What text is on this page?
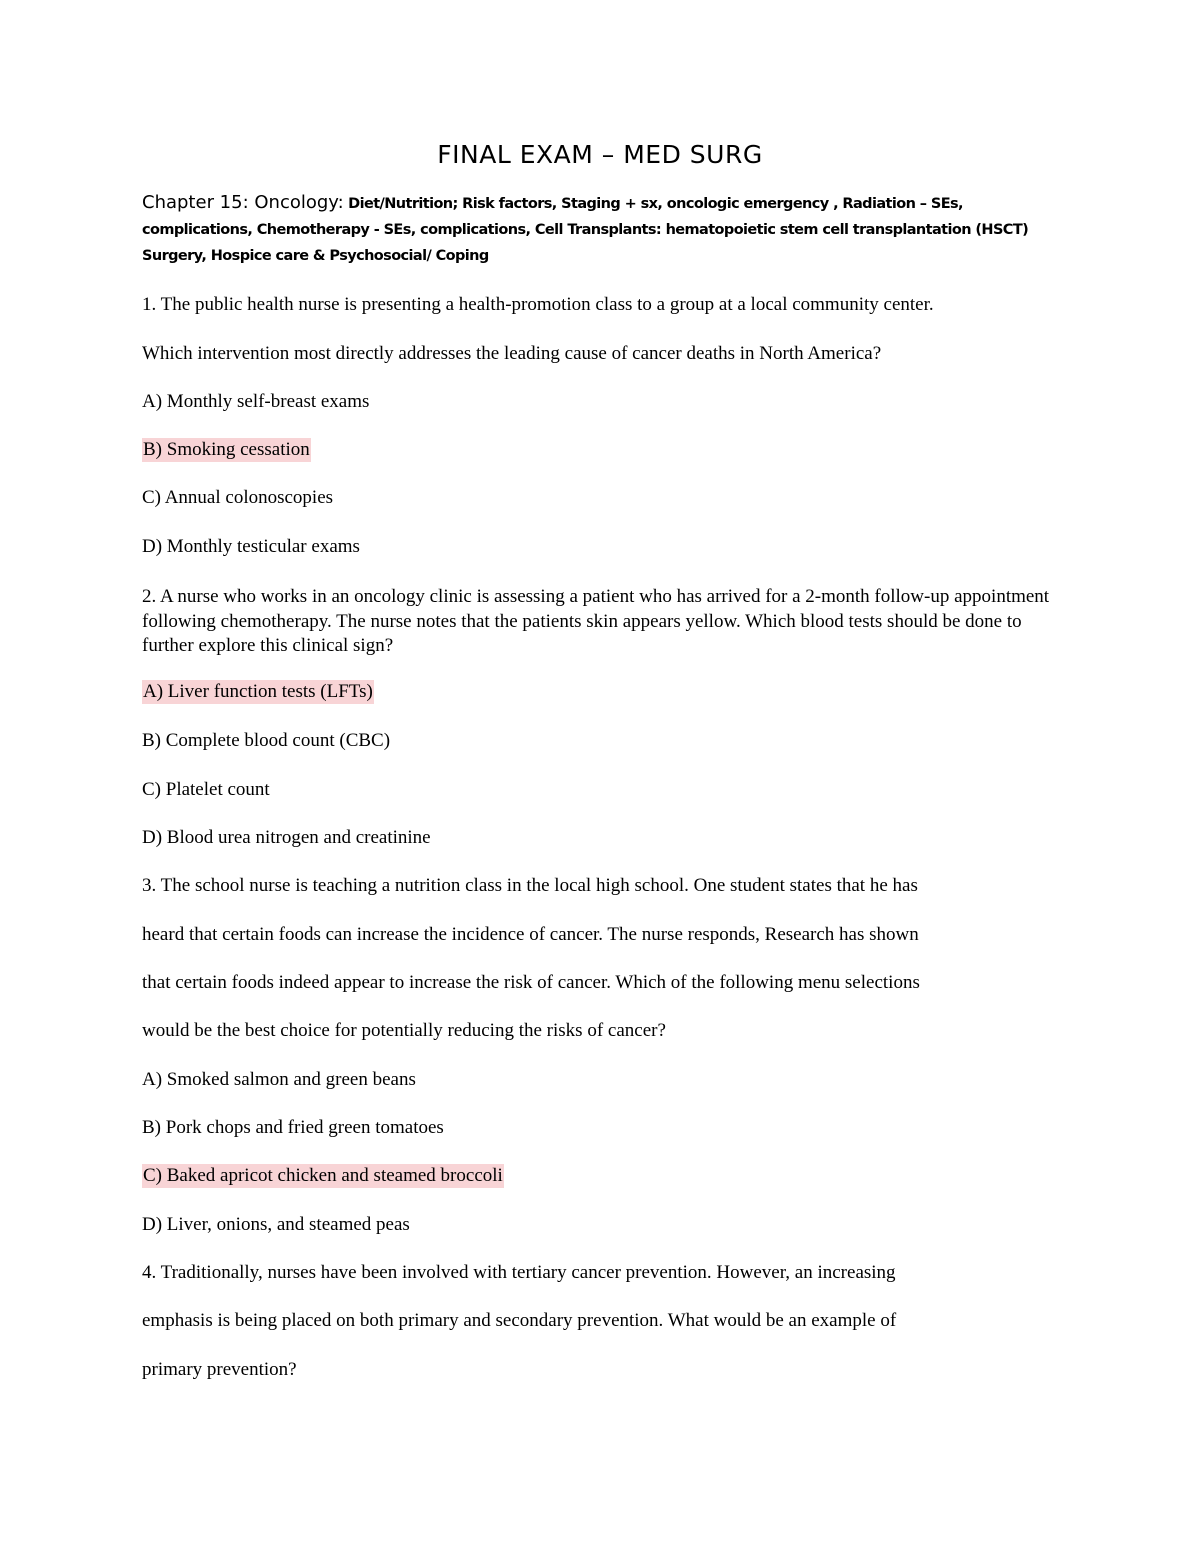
FINAL EXAM – MED SURG
Chapter 15: Oncology: Diet/Nutrition; Risk factors, Staging + sx, oncologic emergency , Radiation – SEs, complications, Chemotherapy - SEs, complications, Cell Transplants: hematopoietic stem cell transplantation (HSCT) Surgery, Hospice care & Psychosocial/ Coping
1. The public health nurse is presenting a health-promotion class to a group at a local community center.
Which intervention most directly addresses the leading cause of cancer deaths in North America?
A) Monthly self-breast exams
B) Smoking cessation
C) Annual colonoscopies
D) Monthly testicular exams
2. A nurse who works in an oncology clinic is assessing a patient who has arrived for a 2-month follow-up appointment following chemotherapy. The nurse notes that the patients skin appears yellow. Which blood tests should be done to further explore this clinical sign?
A) Liver function tests (LFTs)
B) Complete blood count (CBC)
C) Platelet count
D) Blood urea nitrogen and creatinine
3. The school nurse is teaching a nutrition class in the local high school. One student states that he has
heard that certain foods can increase the incidence of cancer. The nurse responds, Research has shown
that certain foods indeed appear to increase the risk of cancer. Which of the following menu selections
would be the best choice for potentially reducing the risks of cancer?
A) Smoked salmon and green beans
B) Pork chops and fried green tomatoes
C) Baked apricot chicken and steamed broccoli
D) Liver, onions, and steamed peas
4. Traditionally, nurses have been involved with tertiary cancer prevention. However, an increasing
emphasis is being placed on both primary and secondary prevention. What would be an example of
primary prevention?
